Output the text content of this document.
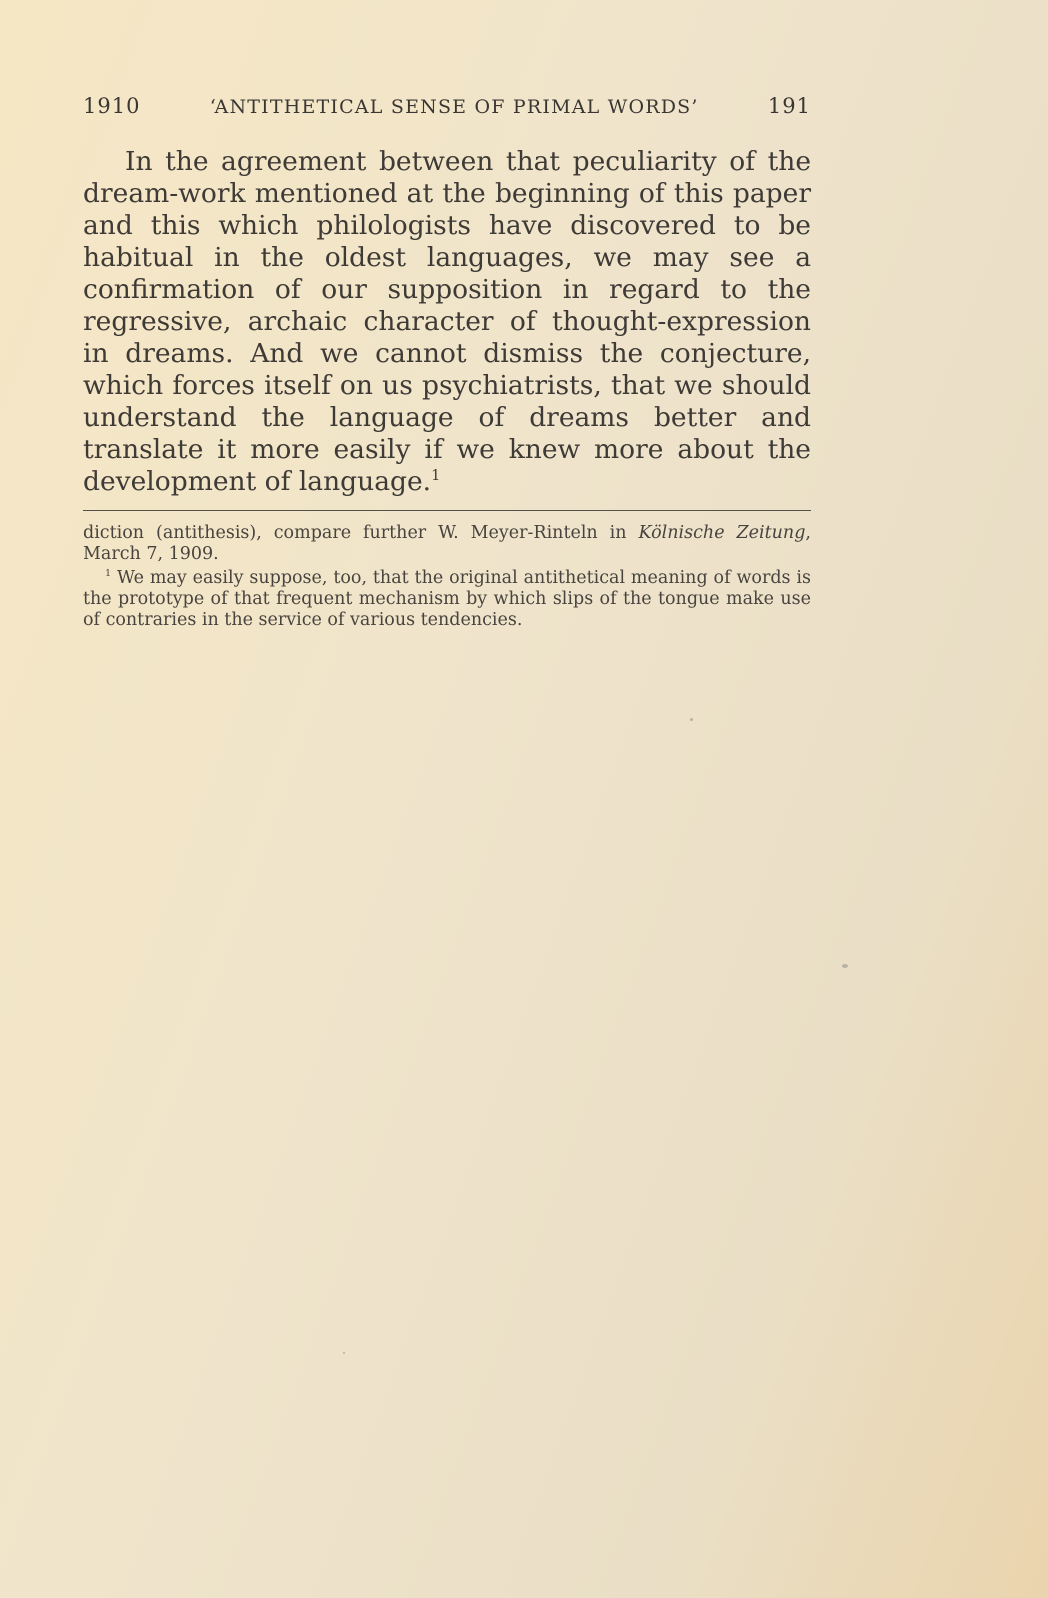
1910	‘ANTITHETICAL SENSE OF PRIMAL WORDS’	191

In the agreement between that peculiarity of the dream-work mentioned at the beginning of this paper and this which philologists have discovered to be habitual in the oldest languages, we may see a confirmation of our supposition in regard to the regressive, archaic character of thought-expression in dreams. And we cannot dismiss the conjecture, which forces itself on us psychiatrists, that we should understand the language of dreams better and translate it more easily if we knew more about the development of language.$^1$

diction (antithesis), compare further W. Meyer-Rinteln in Kölnische Zeitung, March 7, 1909.

$^1$ We may easily suppose, too, that the original antithetical meaning of words is the prototype of that frequent mechanism by which slips of the tongue make use of contraries in the service of various tendencies.
